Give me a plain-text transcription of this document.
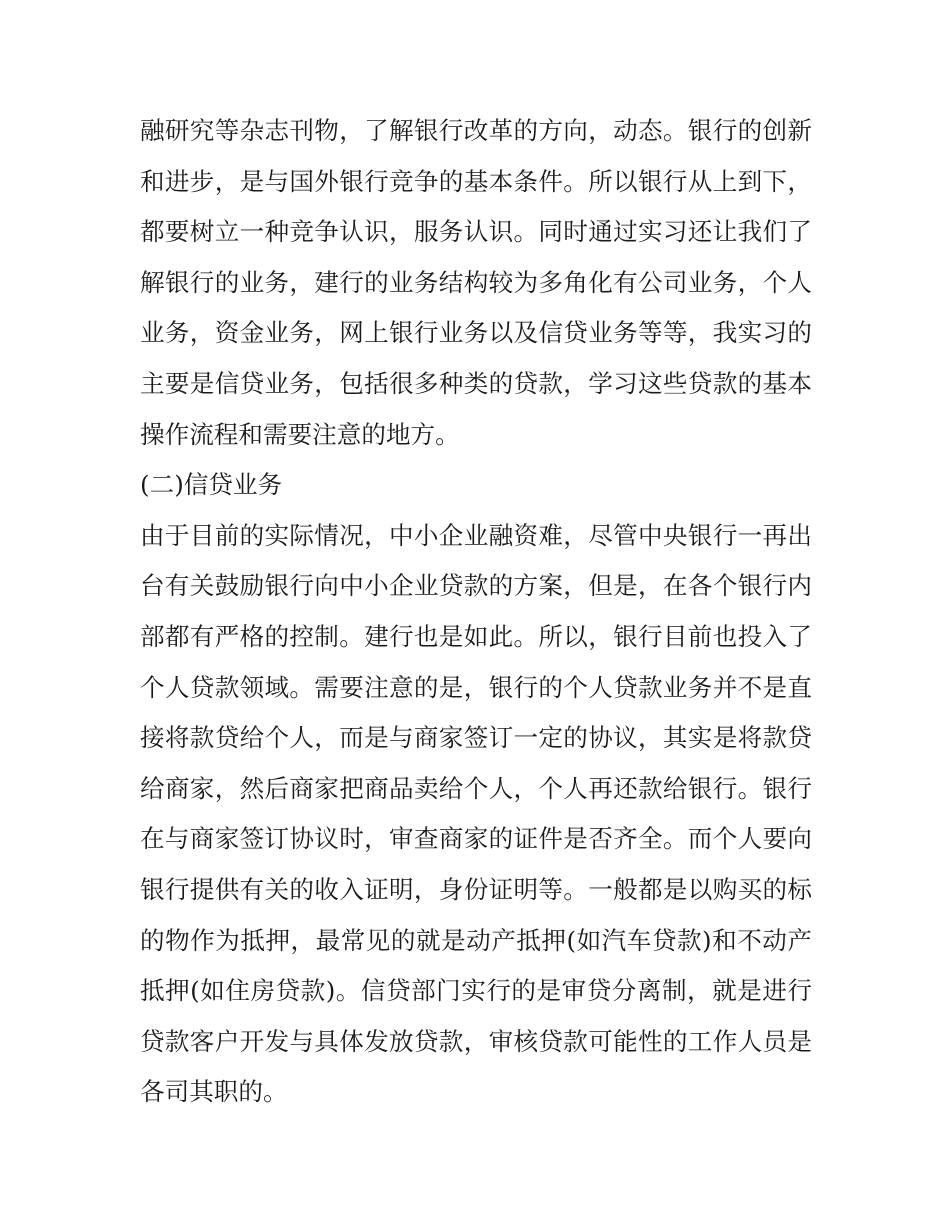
融研究等杂志刊物，了解银行改革的方向，动态。银行的创新
和进步，是与国外银行竞争的基本条件。所以银行从上到下，
都要树立一种竞争认识，服务认识。同时通过实习还让我们了
解银行的业务，建行的业务结构较为多角化有公司业务，个人
业务，资金业务，网上银行业务以及信贷业务等等，我实习的
主要是信贷业务，包括很多种类的贷款，学习这些贷款的基本
操作流程和需要注意的地方。

(二)信贷业务

由于目前的实际情况，中小企业融资难，尽管中央银行一再出
台有关鼓励银行向中小企业贷款的方案，但是，在各个银行内
部都有严格的控制。建行也是如此。所以，银行目前也投入了
个人贷款领域。需要注意的是，银行的个人贷款业务并不是直
接将款贷给个人，而是与商家签订一定的协议，其实是将款贷
给商家，然后商家把商品卖给个人，个人再还款给银行。银行
在与商家签订协议时，审查商家的证件是否齐全。而个人要向
银行提供有关的收入证明，身份证明等。一般都是以购买的标
的物作为抵押，最常见的就是动产抵押(如汽车贷款)和不动产
抵押(如住房贷款)。信贷部门实行的是审贷分离制，就是进行
贷款客户开发与具体发放贷款，审核贷款可能性的工作人员是
各司其职的。
